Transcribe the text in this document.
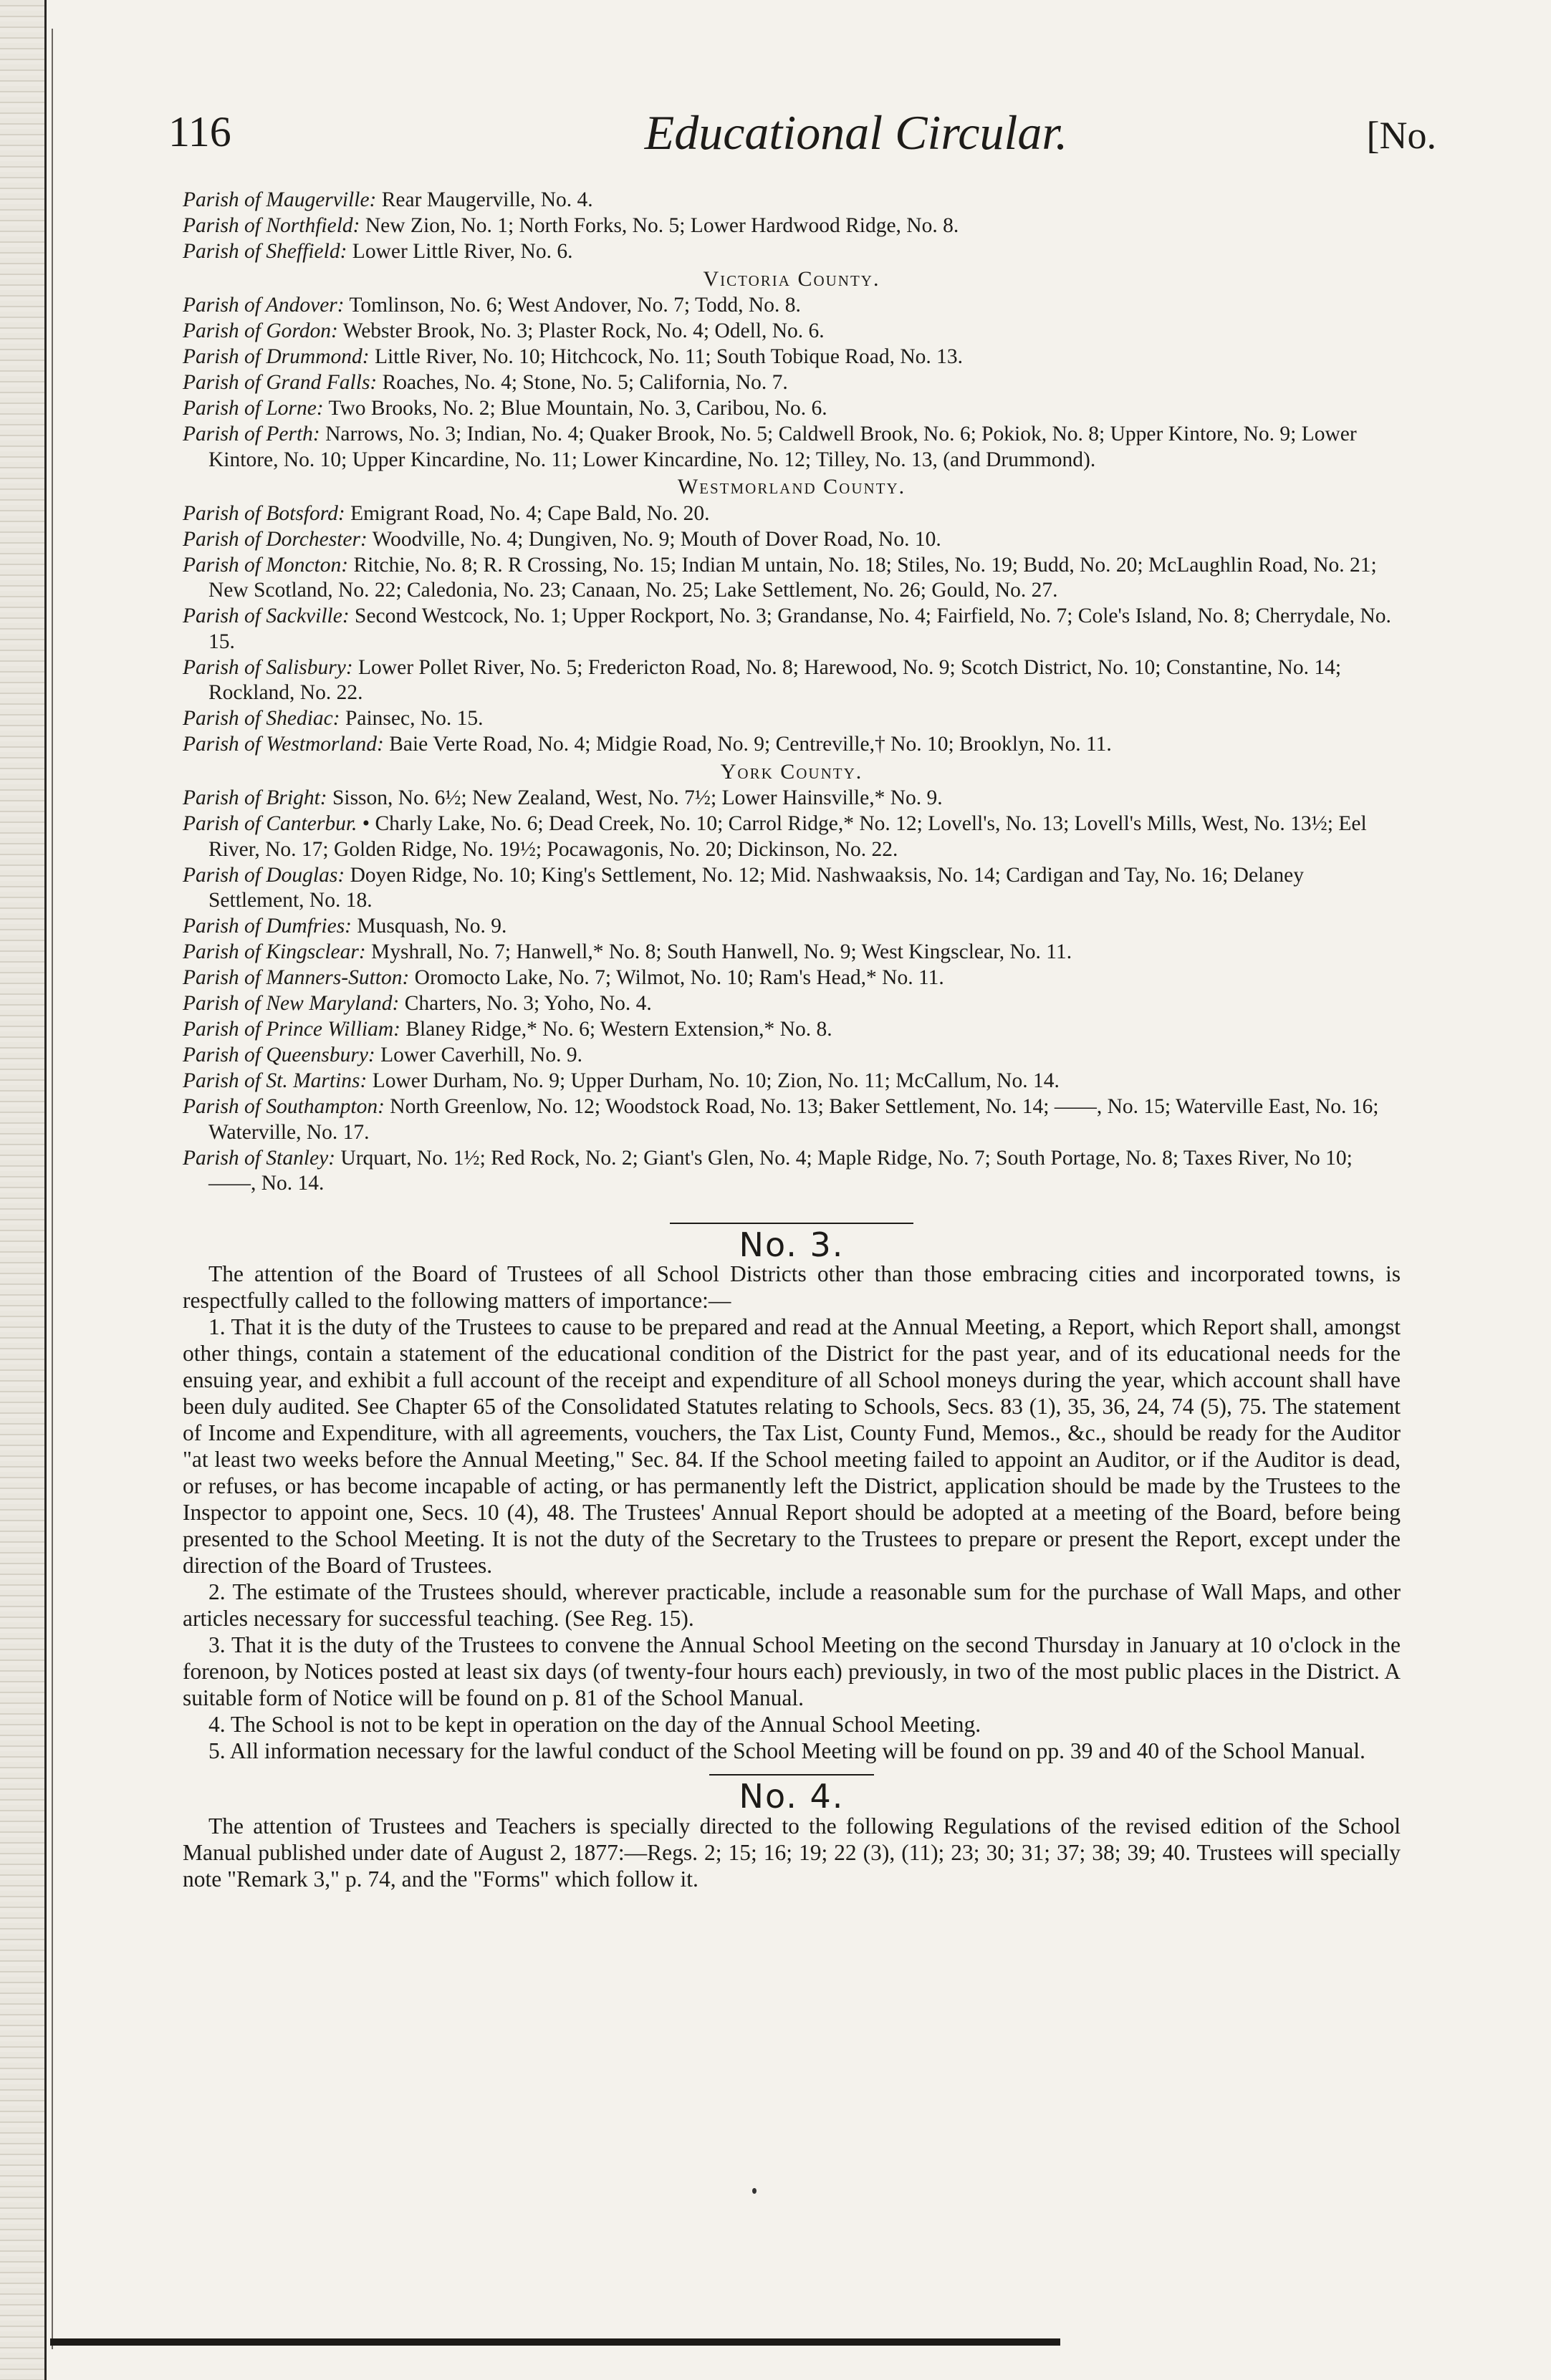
116	Educational Circular.	[No.
Parish of Maugerville: Rear Maugerville, No. 4.
Parish of Northfield: New Zion, No. 1; North Forks, No. 5; Lower Hardwood Ridge, No. 8.
Parish of Sheffield: Lower Little River, No. 6.
Victoria County.
Parish of Andover: Tomlinson, No. 6; West Andover, No. 7; Todd, No. 8.
Parish of Gordon: Webster Brook, No. 3; Plaster Rock, No. 4; Odell, No. 6.
Parish of Drummond: Little River, No. 10; Hitchcock, No. 11; South Tobique Road, No. 13.
Parish of Grand Falls: Roaches, No. 4; Stone, No. 5; California, No. 7.
Parish of Lorne: Two Brooks, No. 2; Blue Mountain, No. 3, Caribou, No. 6.
Parish of Perth: Narrows, No. 3; Indian, No. 4; Quaker Brook, No. 5; Caldwell Brook, No. 6; Pokiok, No. 8; Upper Kintore, No. 9; Lower Kintore, No. 10; Upper Kincardine, No. 11; Lower Kincardine, No. 12; Tilley, No. 13, (and Drummond).
Westmorland County.
Parish of Botsford: Emigrant Road, No. 4; Cape Bald, No. 20.
Parish of Dorchester: Woodville, No. 4; Dungiven, No. 9; Mouth of Dover Road, No. 10.
Parish of Moncton: Ritchie, No. 8; R. R Crossing, No. 15; Indian M untain, No. 18; Stiles, No. 19; Budd, No. 20; McLaughlin Road, No. 21; New Scotland, No. 22; Caledonia, No. 23; Canaan, No. 25; Lake Settlement, No. 26; Gould, No. 27.
Parish of Sackville: Second Westcock, No. 1; Upper Rockport, No. 3; Grandanse, No. 4; Fairfield, No. 7; Cole's Island, No. 8; Cherrydale, No. 15.
Parish of Salisbury: Lower Pollet River, No. 5; Fredericton Road, No. 8; Harewood, No. 9; Scotch District, No. 10; Constantine, No. 14; Rockland, No. 22.
Parish of Shediac: Painsec, No. 15.
Parish of Westmorland: Baie Verte Road, No. 4; Midgie Road, No. 9; Centreville,† No. 10; Brooklyn, No. 11.
York County.
Parish of Bright: Sisson, No. 6½; New Zealand, West, No. 7½; Lower Hainsville,* No. 9.
Parish of Canterbur. • Charly Lake, No. 6; Dead Creek, No. 10; Carrol Ridge,* No. 12; Lovell's, No. 13; Lovell's Mills, West, No. 13½; Eel River, No. 17; Golden Ridge, No. 19½; Pocawagonis, No. 20; Dickinson, No. 22.
Parish of Douglas: Doyen Ridge, No. 10; King's Settlement, No. 12; Mid. Nashwaaksis, No. 14; Cardigan and Tay, No. 16; Delaney Settlement, No. 18.
Parish of Dumfries: Musquash, No. 9.
Parish of Kingsclear: Myshrall, No. 7; Hanwell,* No. 8; South Hanwell, No. 9; West Kingsclear, No. 11.
Parish of Manners-Sutton: Oromocto Lake, No. 7; Wilmot, No. 10; Ram's Head,* No. 11.
Parish of New Maryland: Charters, No. 3; Yoho, No. 4.
Parish of Prince William: Blaney Ridge,* No. 6; Western Extension,* No. 8.
Parish of Queensbury: Lower Caverhill, No. 9.
Parish of St. Martins: Lower Durham, No. 9; Upper Durham, No. 10; Zion, No. 11; McCallum, No. 14.
Parish of Southampton: North Greenlow, No. 12; Woodstock Road, No. 13; Baker Settlement, No. 14; ——, No. 15; Waterville East, No. 16; Waterville, No. 17.
Parish of Stanley: Urquart, No. 1½; Red Rock, No. 2; Giant's Glen, No. 4; Maple Ridge, No. 7; South Portage, No. 8; Taxes River, No 10; ——, No. 14.
No. 3.

The attention of the Board of Trustees of all School Districts other than those embracing cities and incorporated towns, is respectfully called to the following matters of importance:—

1. That it is the duty of the Trustees to cause to be prepared and read at the Annual Meeting, a Report, which Report shall, amongst other things, contain a statement of the educational condition of the District for the past year, and of its educational needs for the ensuing year, and exhibit a full account of the receipt and expenditure of all School moneys during the year, which account shall have been duly audited. See Chapter 65 of the Consolidated Statutes relating to Schools, Secs. 83 (1), 35, 36, 24, 74 (5), 75. The statement of Income and Expenditure, with all agreements, vouchers, the Tax List, County Fund, Memos., &c., should be ready for the Auditor "at least two weeks before the Annual Meeting," Sec. 84. If the School meeting failed to appoint an Auditor, or if the Auditor is dead, or refuses, or has become incapable of acting, or has permanently left the District, application should be made by the Trustees to the Inspector to appoint one, Secs. 10 (4), 48. The Trustees' Annual Report should be adopted at a meeting of the Board, before being presented to the School Meeting. It is not the duty of the Secretary to the Trustees to prepare or present the Report, except under the direction of the Board of Trustees.

2. The estimate of the Trustees should, wherever practicable, include a reasonable sum for the purchase of Wall Maps, and other articles necessary for successful teaching. (See Reg. 15).

3. That it is the duty of the Trustees to convene the Annual School Meeting on the second Thursday in January at 10 o'clock in the forenoon, by Notices posted at least six days (of twenty-four hours each) previously, in two of the most public places in the District. A suitable form of Notice will be found on p. 81 of the School Manual.

4. The School is not to be kept in operation on the day of the Annual School Meeting.

5. All information necessary for the lawful conduct of the School Meeting will be found on pp. 39 and 40 of the School Manual.

No. 4.

The attention of Trustees and Teachers is specially directed to the following Regulations of the revised edition of the School Manual published under date of August 2, 1877:—Regs. 2; 15; 16; 19; 22 (3), (11); 23; 30; 31; 37; 38; 39; 40. Trustees will specially note "Remark 3," p. 74, and the "Forms" which follow it.
